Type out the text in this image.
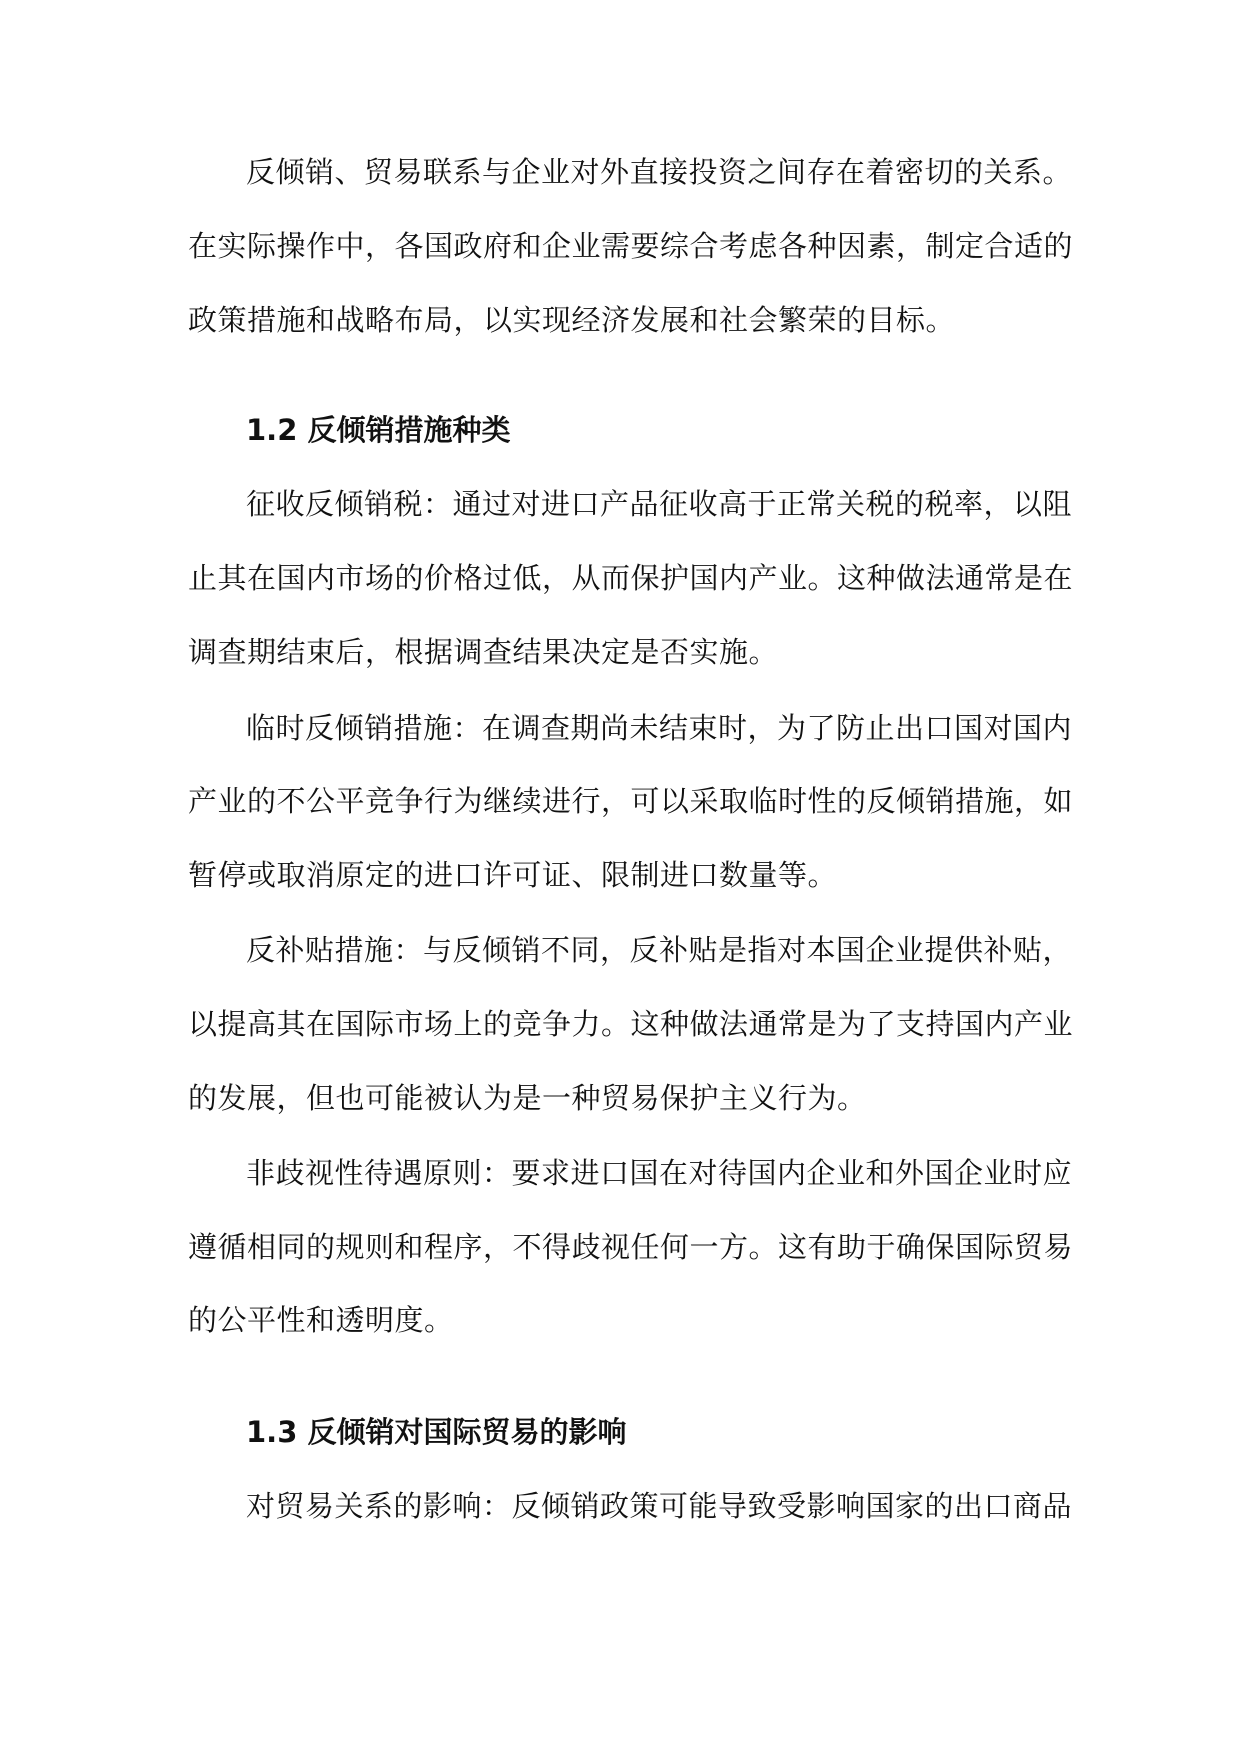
反倾销、贸易联系与企业对外直接投资之间存在着密切的关系。
在实际操作中，各国政府和企业需要综合考虑各种因素，制定合适的
政策措施和战略布局，以实现经济发展和社会繁荣的目标。
1.2 反倾销措施种类
征收反倾销税：通过对进口产品征收高于正常关税的税率，以阻
止其在国内市场的价格过低，从而保护国内产业。这种做法通常是在
调查期结束后，根据调查结果决定是否实施。
临时反倾销措施：在调查期尚未结束时，为了防止出口国对国内
产业的不公平竞争行为继续进行，可以采取临时性的反倾销措施，如
暂停或取消原定的进口许可证、限制进口数量等。
反补贴措施：与反倾销不同，反补贴是指对本国企业提供补贴，
以提高其在国际市场上的竞争力。这种做法通常是为了支持国内产业
的发展，但也可能被认为是一种贸易保护主义行为。
非歧视性待遇原则：要求进口国在对待国内企业和外国企业时应
遵循相同的规则和程序，不得歧视任何一方。这有助于确保国际贸易
的公平性和透明度。
1.3 反倾销对国际贸易的影响
对贸易关系的影响：反倾销政策可能导致受影响国家的出口商品
